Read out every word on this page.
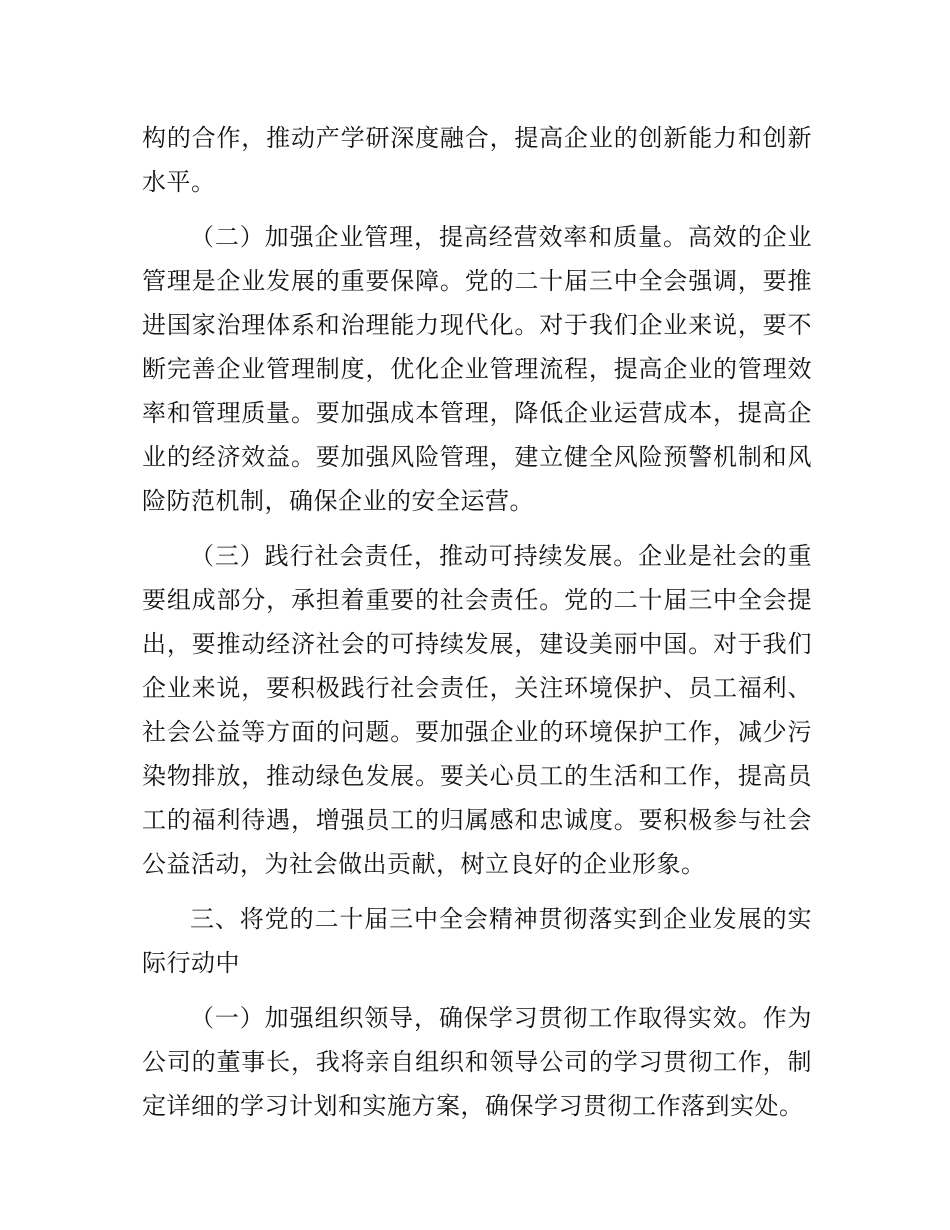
构的合作，推动产学研深度融合，提高企业的创新能力和创新水平。

（二）加强企业管理，提高经营效率和质量。高效的企业管理是企业发展的重要保障。党的二十届三中全会强调，要推进国家治理体系和治理能力现代化。对于我们企业来说，要不断完善企业管理制度，优化企业管理流程，提高企业的管理效率和管理质量。要加强成本管理，降低企业运营成本，提高企业的经济效益。要加强风险管理，建立健全风险预警机制和风险防范机制，确保企业的安全运营。

（三）践行社会责任，推动可持续发展。企业是社会的重要组成部分，承担着重要的社会责任。党的二十届三中全会提出，要推动经济社会的可持续发展，建设美丽中国。对于我们企业来说，要积极践行社会责任，关注环境保护、员工福利、社会公益等方面的问题。要加强企业的环境保护工作，减少污染物排放，推动绿色发展。要关心员工的生活和工作，提高员工的福利待遇，增强员工的归属感和忠诚度。要积极参与社会公益活动，为社会做出贡献，树立良好的企业形象。

三、将党的二十届三中全会精神贯彻落实到企业发展的实际行动中

（一）加强组织领导，确保学习贯彻工作取得实效。作为公司的董事长，我将亲自组织和领导公司的学习贯彻工作，制定详细的学习计划和实施方案，确保学习贯彻工作落到实处。
